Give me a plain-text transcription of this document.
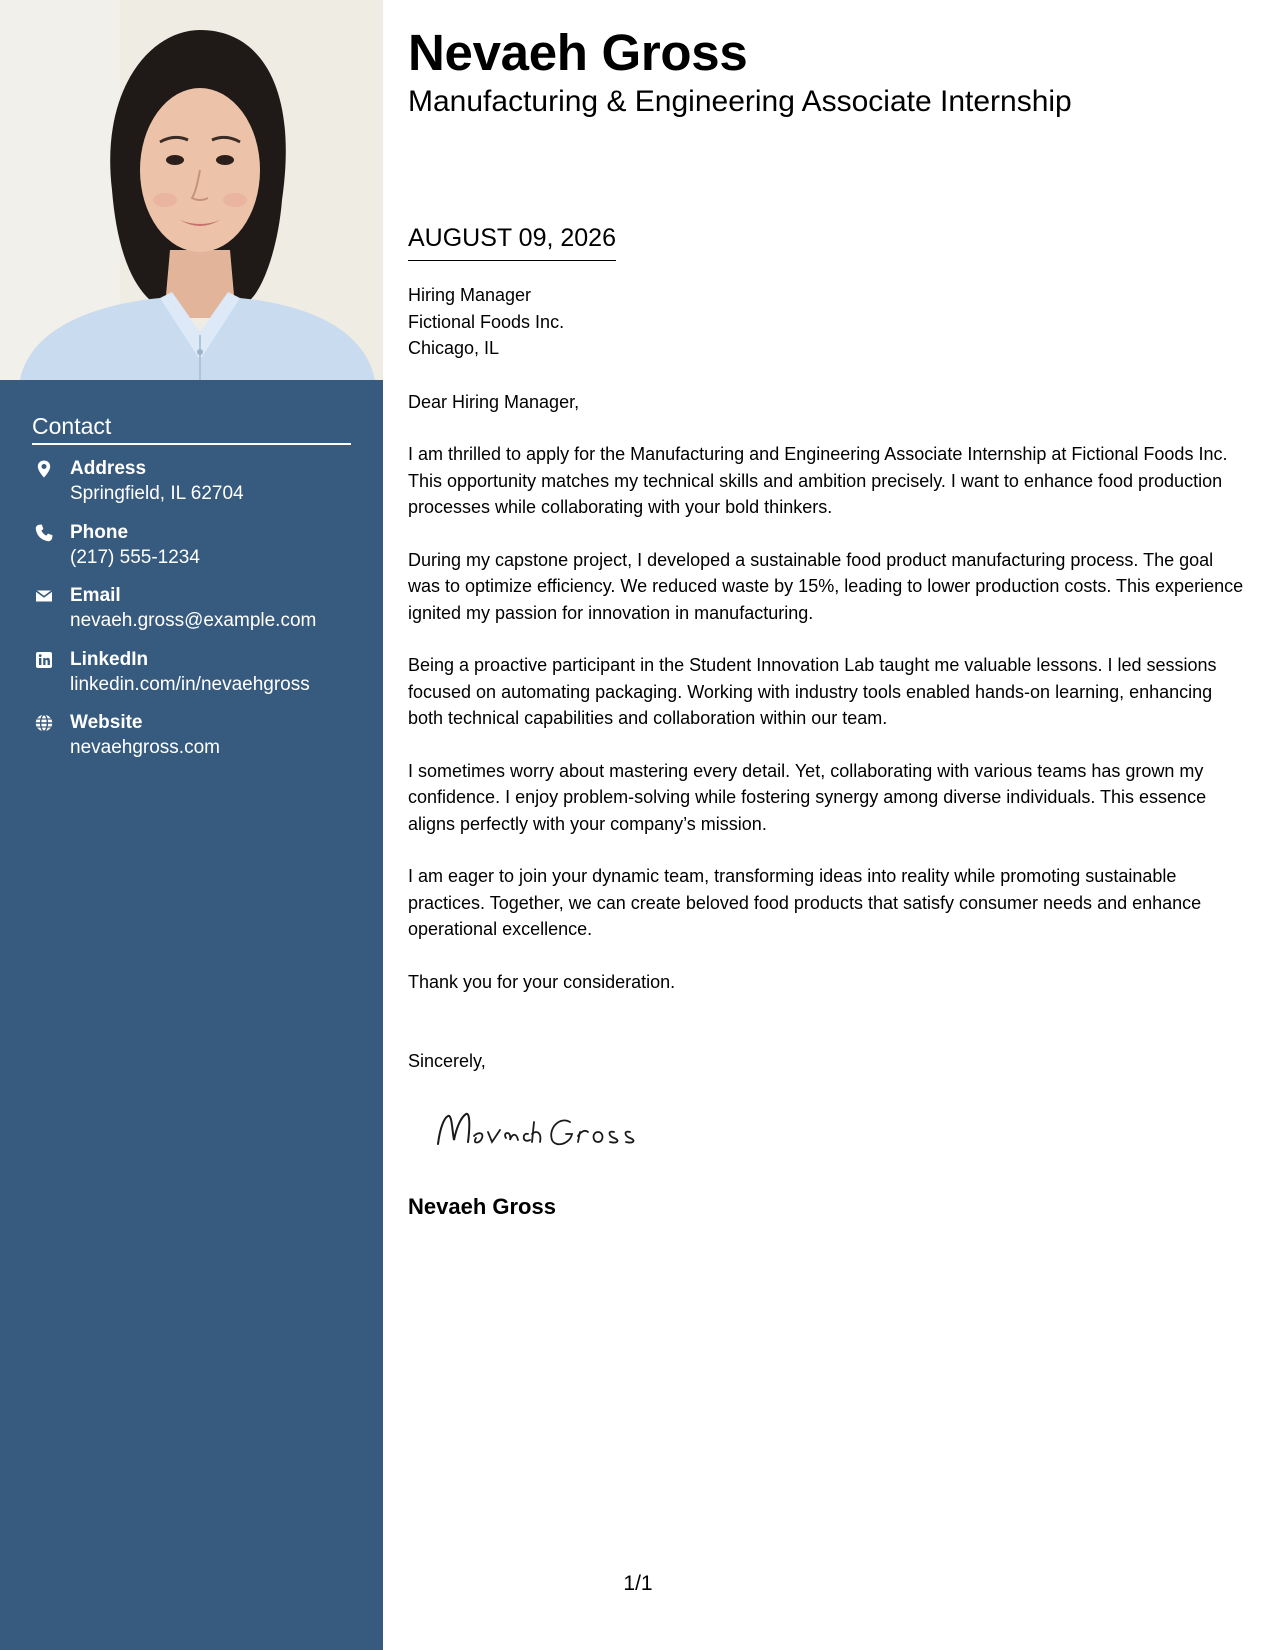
Contact
Address
Springfield, IL 62704
Phone
(217) 555-1234
Email
nevaeh.gross@example.com
LinkedIn
linkedin.com/in/nevaehgross
Website
nevaehgross.com
Nevaeh Gross
Manufacturing & Engineering Associate Internship
AUGUST 09, 2026
Hiring Manager
Fictional Foods Inc.
Chicago, IL
Dear Hiring Manager,

I am thrilled to apply for the Manufacturing and Engineering Associate Internship at Fictional Foods Inc. This opportunity matches my technical skills and ambition precisely. I want to enhance food production processes while collaborating with your bold thinkers.

During my capstone project, I developed a sustainable food product manufacturing process. The goal was to optimize efficiency. We reduced waste by 15%, leading to lower production costs. This experience ignited my passion for innovation in manufacturing.

Being a proactive participant in the Student Innovation Lab taught me valuable lessons. I led sessions focused on automating packaging. Working with industry tools enabled hands-on learning, enhancing both technical capabilities and collaboration within our team.

I sometimes worry about mastering every detail. Yet, collaborating with various teams has grown my confidence. I enjoy problem-solving while fostering synergy among diverse individuals. This essence aligns perfectly with your company’s mission.

I am eager to join your dynamic team, transforming ideas into reality while promoting sustainable practices. Together, we can create beloved food products that satisfy consumer needs and enhance operational excellence.

Thank you for your consideration.

Sincerely,
Nevaeh Gross
1/1
